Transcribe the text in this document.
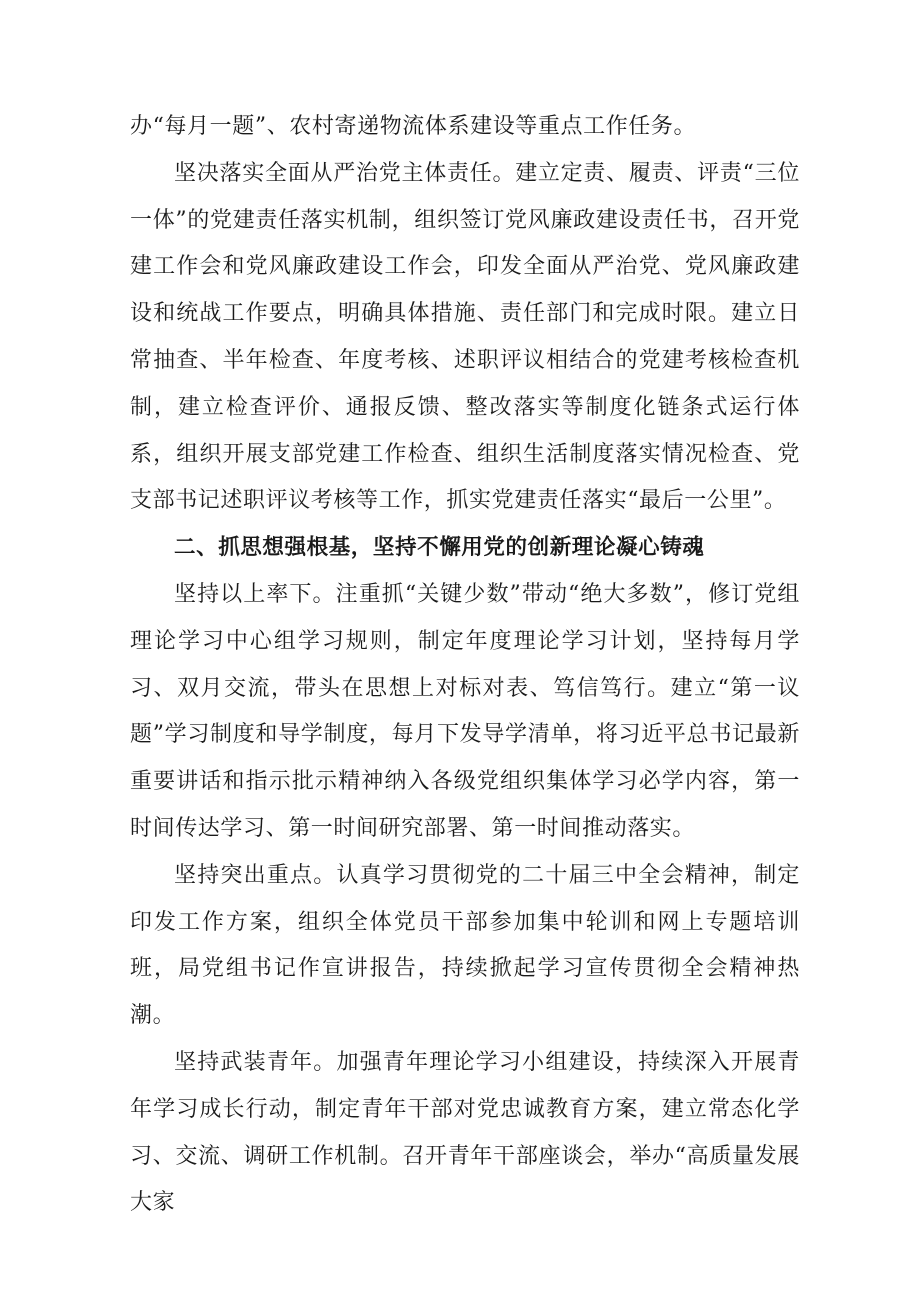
办“每月一题”、农村寄递物流体系建设等重点工作任务。

坚决落实全面从严治党主体责任。建立定责、履责、评责“三位一体”的党建责任落实机制，组织签订党风廉政建设责任书，召开党建工作会和党风廉政建设工作会，印发全面从严治党、党风廉政建设和统战工作要点，明确具体措施、责任部门和完成时限。建立日常抽查、半年检查、年度考核、述职评议相结合的党建考核检查机制，建立检查评价、通报反馈、整改落实等制度化链条式运行体系，组织开展支部党建工作检查、组织生活制度落实情况检查、党支部书记述职评议考核等工作，抓实党建责任落实“最后一公里”。

二、抓思想强根基，坚持不懈用党的创新理论凝心铸魂

坚持以上率下。注重抓“关键少数”带动“绝大多数”，修订党组理论学习中心组学习规则，制定年度理论学习计划，坚持每月学习、双月交流，带头在思想上对标对表、笃信笃行。建立“第一议题”学习制度和导学制度，每月下发导学清单，将习近平总书记最新重要讲话和指示批示精神纳入各级党组织集体学习必学内容，第一时间传达学习、第一时间研究部署、第一时间推动落实。

坚持突出重点。认真学习贯彻党的二十届三中全会精神，制定印发工作方案，组织全体党员干部参加集中轮训和网上专题培训班，局党组书记作宣讲报告，持续掀起学习宣传贯彻全会精神热潮。

坚持武装青年。加强青年理论学习小组建设，持续深入开展青年学习成长行动，制定青年干部对党忠诚教育方案，建立常态化学习、交流、调研工作机制。召开青年干部座谈会，举办“高质量发展大家
